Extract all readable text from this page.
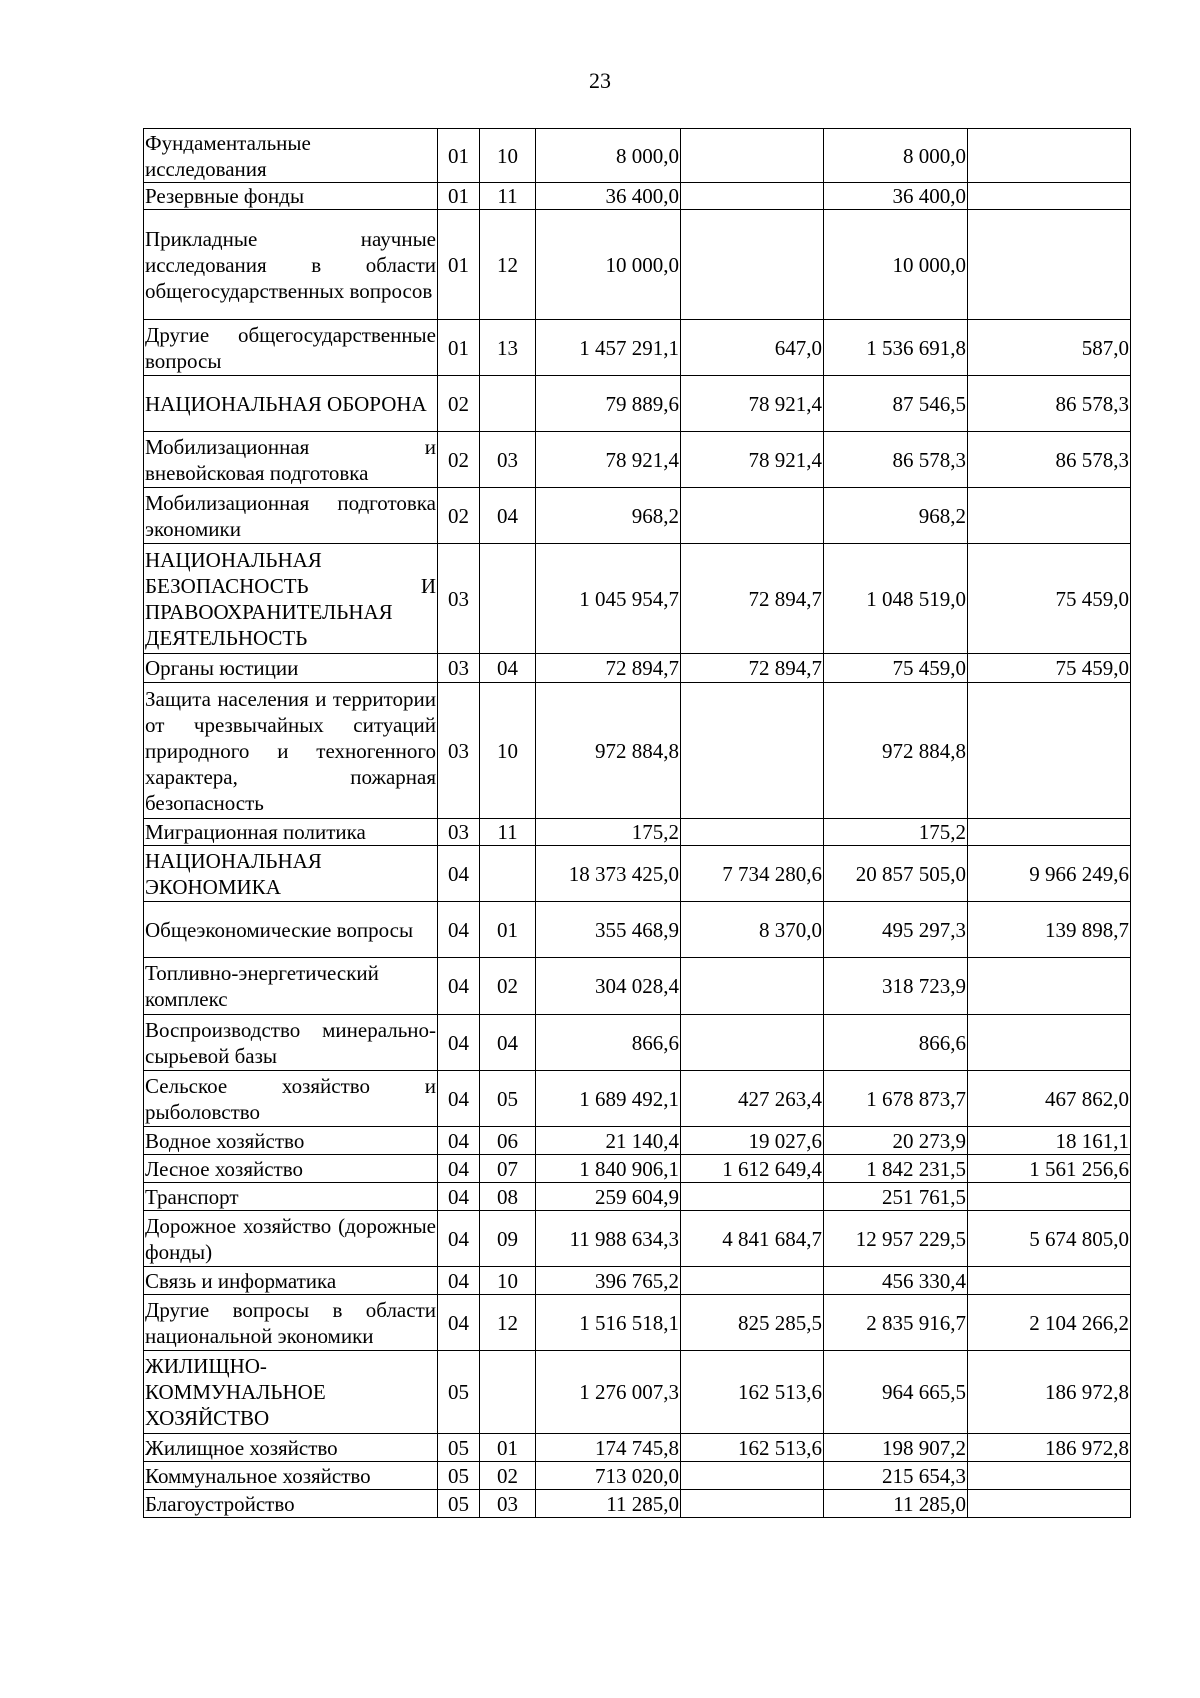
23
Фундаментальные исследования	01	10	8 000,0		8 000,0	
Резервные фонды	01	11	36 400,0		36 400,0	
Прикладные научные исследования в области общегосударственных вопросов	01	12	10 000,0		10 000,0	
Другие общегосударственные вопросы	01	13	1 457 291,1	647,0	1 536 691,8	587,0
НАЦИОНАЛЬНАЯ ОБОРОНА	02		79 889,6	78 921,4	87 546,5	86 578,3
Мобилизационная и вневойсковая подготовка	02	03	78 921,4	78 921,4	86 578,3	86 578,3
Мобилизационная подготовка экономики	02	04	968,2		968,2	
НАЦИОНАЛЬНАЯ БЕЗОПАСНОСТЬ И ПРАВООХРАНИТЕЛЬНАЯ ДЕЯТЕЛЬНОСТЬ	03		1 045 954,7	72 894,7	1 048 519,0	75 459,0
Органы юстиции	03	04	72 894,7	72 894,7	75 459,0	75 459,0
Защита населения и территории от чрезвычайных ситуаций природного и техногенного характера, пожарная безопасность	03	10	972 884,8		972 884,8	
Миграционная политика	03	11	175,2		175,2	
НАЦИОНАЛЬНАЯ ЭКОНОМИКА	04		18 373 425,0	7 734 280,6	20 857 505,0	9 966 249,6
Общеэкономические вопросы	04	01	355 468,9	8 370,0	495 297,3	139 898,7
Топливно-энергетический комплекс	04	02	304 028,4		318 723,9	
Воспроизводство минерально-сырьевой базы	04	04	866,6		866,6	
Сельское хозяйство и рыболовство	04	05	1 689 492,1	427 263,4	1 678 873,7	467 862,0
Водное хозяйство	04	06	21 140,4	19 027,6	20 273,9	18 161,1
Лесное хозяйство	04	07	1 840 906,1	1 612 649,4	1 842 231,5	1 561 256,6
Транспорт	04	08	259 604,9		251 761,5	
Дорожное хозяйство (дорожные фонды)	04	09	11 988 634,3	4 841 684,7	12 957 229,5	5 674 805,0
Связь и информатика	04	10	396 765,2		456 330,4	
Другие вопросы в области национальной экономики	04	12	1 516 518,1	825 285,5	2 835 916,7	2 104 266,2
ЖИЛИЩНО-КОММУНАЛЬНОЕ ХОЗЯЙСТВО	05		1 276 007,3	162 513,6	964 665,5	186 972,8
Жилищное хозяйство	05	01	174 745,8	162 513,6	198 907,2	186 972,8
Коммунальное хозяйство	05	02	713 020,0		215 654,3	
Благоустройство	05	03	11 285,0		11 285,0	
